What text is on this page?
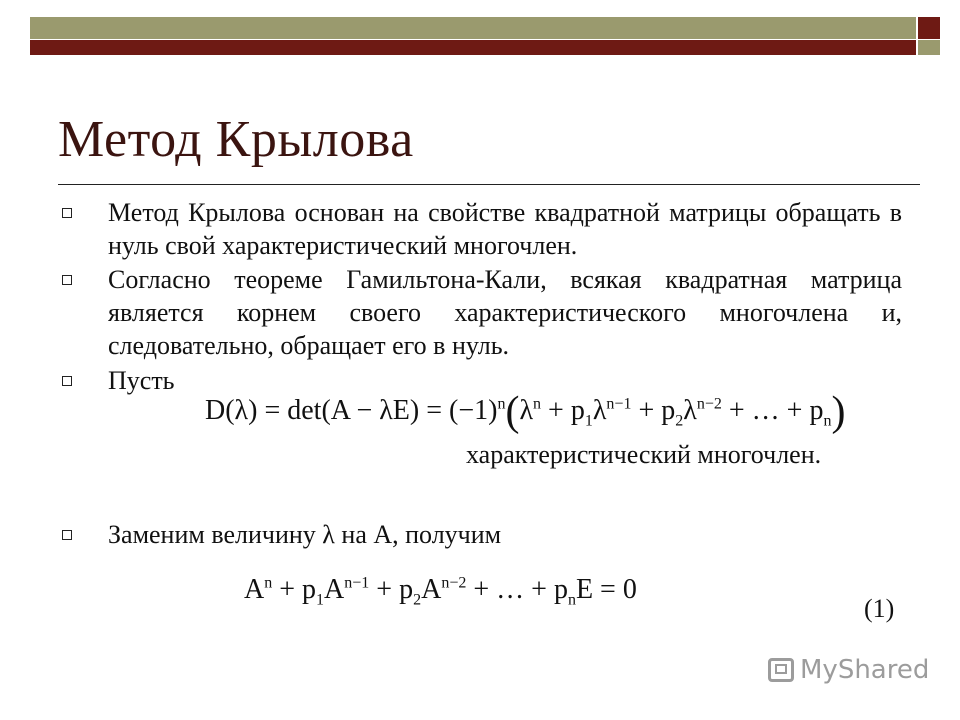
Метод Крылова
Метод Крылова основан на свойстве квадратной матрицы обращать в нуль свой характеристический многочлен.
Согласно теореме Гамильтона-Кали, всякая квадратная матрица является корнем своего характеристического многочлена и, следовательно, обращает его в нуль.
Пусть
$D(\lambda) = \det(A - \lambda E) = (-1)^n(\lambda^n + p_1\lambda^{n-1} + p_2\lambda^{n-2}$ + … + $p_n$)
характеристический многочлен.
Заменим величину λ на A, получим
$A^n + p_1A^{n-1} + p_2A^{n-2}$ + … + $p_nE = 0$
(1)
MyShared
